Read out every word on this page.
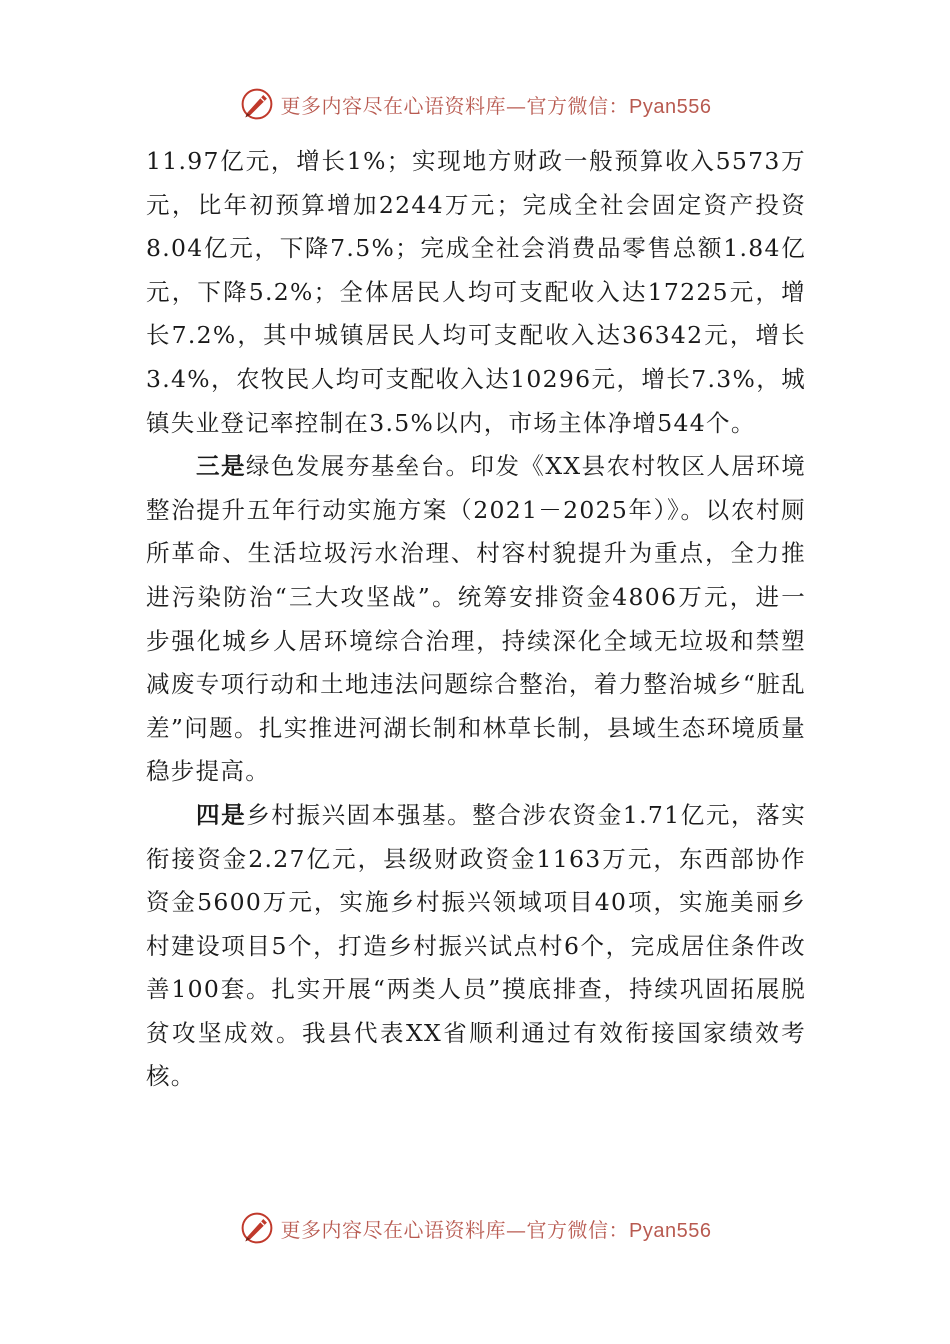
更多内容尽在心语资料库—官方微信：Pyan556

11.97亿元，增长1%；实现地方财政一般预算收入5573万元，比年初预算增加2244万元；完成全社会固定资产投资8.04亿元，下降7.5%；完成全社会消费品零售总额1.84亿元，下降5.2%；全体居民人均可支配收入达17225元，增长7.2%，其中城镇居民人均可支配收入达36342元，增长3.4%，农牧民人均可支配收入达10296元，增长7.3%，城镇失业登记率控制在3.5%以内，市场主体净增544个。

三是绿色发展夯基垒台。印发《XX县农村牧区人居环境整治提升五年行动实施方案（2021－2025年）》。以农村厕所革命、生活垃圾污水治理、村容村貌提升为重点，全力推进污染防治“三大攻坚战”。统筹安排资金4806万元，进一步强化城乡人居环境综合治理，持续深化全域无垃圾和禁塑减废专项行动和土地违法问题综合整治，着力整治城乡“脏乱差”问题。扎实推进河湖长制和林草长制，县域生态环境质量稳步提高。

四是乡村振兴固本强基。整合涉农资金1.71亿元，落实衔接资金2.27亿元，县级财政资金1163万元，东西部协作资金5600万元，实施乡村振兴领域项目40项，实施美丽乡村建设项目5个，打造乡村振兴试点村6个，完成居住条件改善100套。扎实开展“两类人员”摸底排查，持续巩固拓展脱贫攻坚成效。我县代表XX省顺利通过有效衔接国家绩效考核。

更多内容尽在心语资料库—官方微信：Pyan556
